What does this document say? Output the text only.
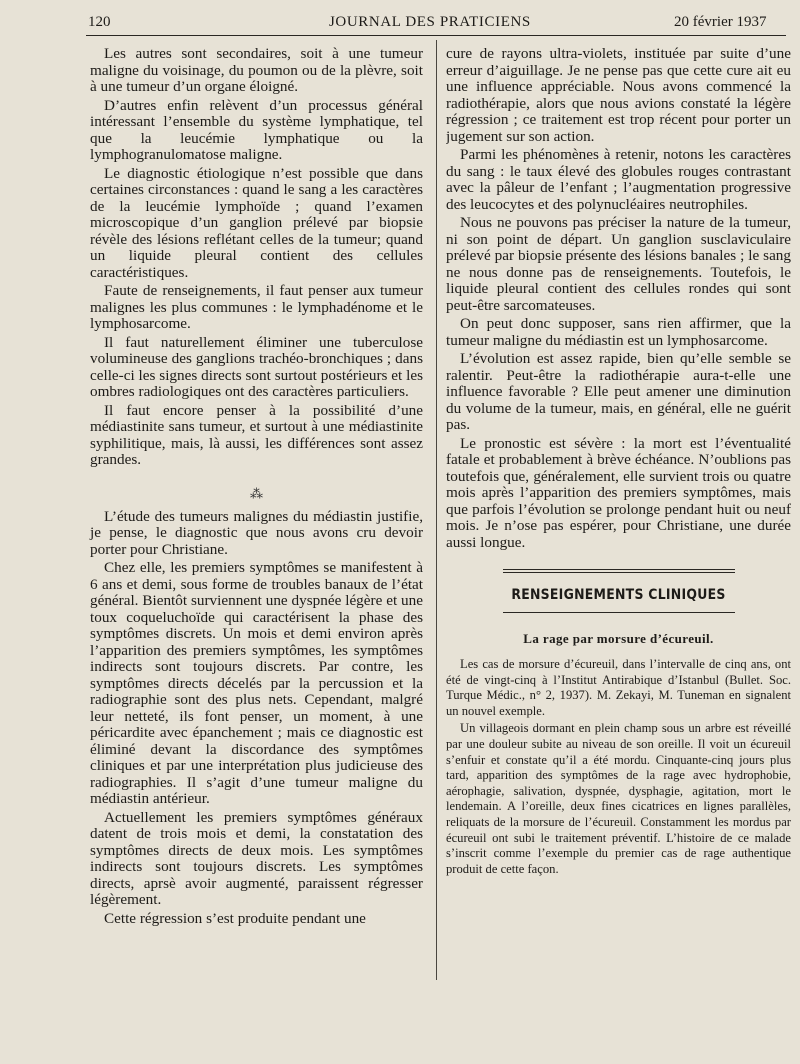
120	JOURNAL DES PRATICIENS	20 février 1937

Les autres sont secondaires, soit à une tumeur maligne du voisinage, du poumon ou de la plèvre, soit à une tumeur d’un organe éloigné.

D’autres enfin relèvent d’un processus général intéressant l’ensemble du système lymphatique, tel que la leucémie lymphatique ou la lymphogranulomatose maligne.

Le diagnostic étiologique n’est possible que dans certaines circonstances : quand le sang a les caractères de la leucémie lymphoïde ; quand l’examen microscopique d’un ganglion prélevé par biopsie révèle des lésions reflétant celles de la tumeur; quand un liquide pleural contient des cellules caractéristiques.

Faute de renseignements, il faut penser aux tumeur malignes les plus communes : le lymphadénome et le lymphosarcome.

Il faut naturellement éliminer une tuberculose volumineuse des ganglions trachéo-bronchiques ; dans celle-ci les signes directs sont surtout postérieurs et les ombres radiologiques ont des caractères particuliers.

Il faut encore penser à la possibilité d’une médiastinite sans tumeur, et surtout à une médiastinite syphilitique, mais, là aussi, les différences sont assez grandes.

⁂

L’étude des tumeurs malignes du médiastin justifie, je pense, le diagnostic que nous avons cru devoir porter pour Christiane.

Chez elle, les premiers symptômes se manifestent à 6 ans et demi, sous forme de troubles banaux de l’état général. Bientôt surviennent une dyspnée légère et une toux coqueluchoïde qui caractérisent la phase des symptômes discrets. Un mois et demi environ après l’apparition des premiers symptômes, les symptômes indirects sont toujours discrets. Par contre, les symptômes directs décelés par la percussion et la radiographie sont des plus nets. Cependant, malgré leur netteté, ils font penser, un moment, à une péricardite avec épanchement ; mais ce diagnostic est éliminé devant la discordance des symptômes cliniques et par une interprétation plus judicieuse des radiographies. Il s’agit d’une tumeur maligne du médiastin antérieur.

Actuellement les premiers symptômes généraux datent de trois mois et demi, la constatation des symptômes directs de deux mois. Les symptômes indirects sont toujours discrets. Les symptômes directs, aprsè avoir augmenté, paraissent régresser légèrement.

Cette régression s’est produite pendant une

cure de rayons ultra-violets, instituée par suite d’une erreur d’aiguillage. Je ne pense pas que cette cure ait eu une influence appréciable. Nous avons commencé la radiothérapie, alors que nous avions constaté la légère régression ; ce traitement est trop récent pour porter un jugement sur son action.

Parmi les phénomènes à retenir, notons les caractères du sang : le taux élevé des globules rouges contrastant avec la pâleur de l’enfant ; l’augmentation progressive des leucocytes et des polynucléaires neutrophiles.

Nous ne pouvons pas préciser la nature de la tumeur, ni son point de départ. Un ganglion susclaviculaire prélevé par biopsie présente des lésions banales ; le sang ne nous donne pas de renseignements. Toutefois, le liquide pleural contient des cellules rondes qui sont peut-être sarcomateuses.

On peut donc supposer, sans rien affirmer, que la tumeur maligne du médiastin est un lymphosarcome.

L’évolution est assez rapide, bien qu’elle semble se ralentir. Peut-être la radiothérapie aura-t-elle une influence favorable ? Elle peut amener une diminution du volume de la tumeur, mais, en général, elle ne guérit pas.

Le pronostic est sévère : la mort est l’éventualité fatale et probablement à brève échéance. N’oublions pas toutefois que, généralement, elle survient trois ou quatre mois après l’apparition des premiers symptômes, mais que parfois l’évolution se prolonge pendant huit ou neuf mois. Je n’ose pas espérer, pour Christiane, une durée aussi longue.

RENSEIGNEMENTS CLINIQUES
La rage par morsure d’écureuil.

Les cas de morsure d’écureuil, dans l’intervalle de cinq ans, ont été de vingt-cinq à l’Institut Antirabique d’Istanbul (Bullet. Soc. Turque Médic., n° 2, 1937). M. Zekayi, M. Tuneman en signalent un nouvel exemple.

Un villageois dormant en plein champ sous un arbre est réveillé par une douleur subite au niveau de son oreille. Il voit un écureuil s’enfuir et constate qu’il a été mordu. Cinquante-cinq jours plus tard, apparition des symptômes de la rage avec hydrophobie, aérophagie, salivation, dyspnée, dysphagie, agitation, mort le lendemain. A l’oreille, deux fines cicatrices en lignes parallèles, reliquats de la morsure de l’écureuil. Constamment les mordus par écureuil ont subi le traitement préventif. L’histoire de ce malade s’inscrit comme l’exemple du premier cas de rage authentique produit de cette façon.
